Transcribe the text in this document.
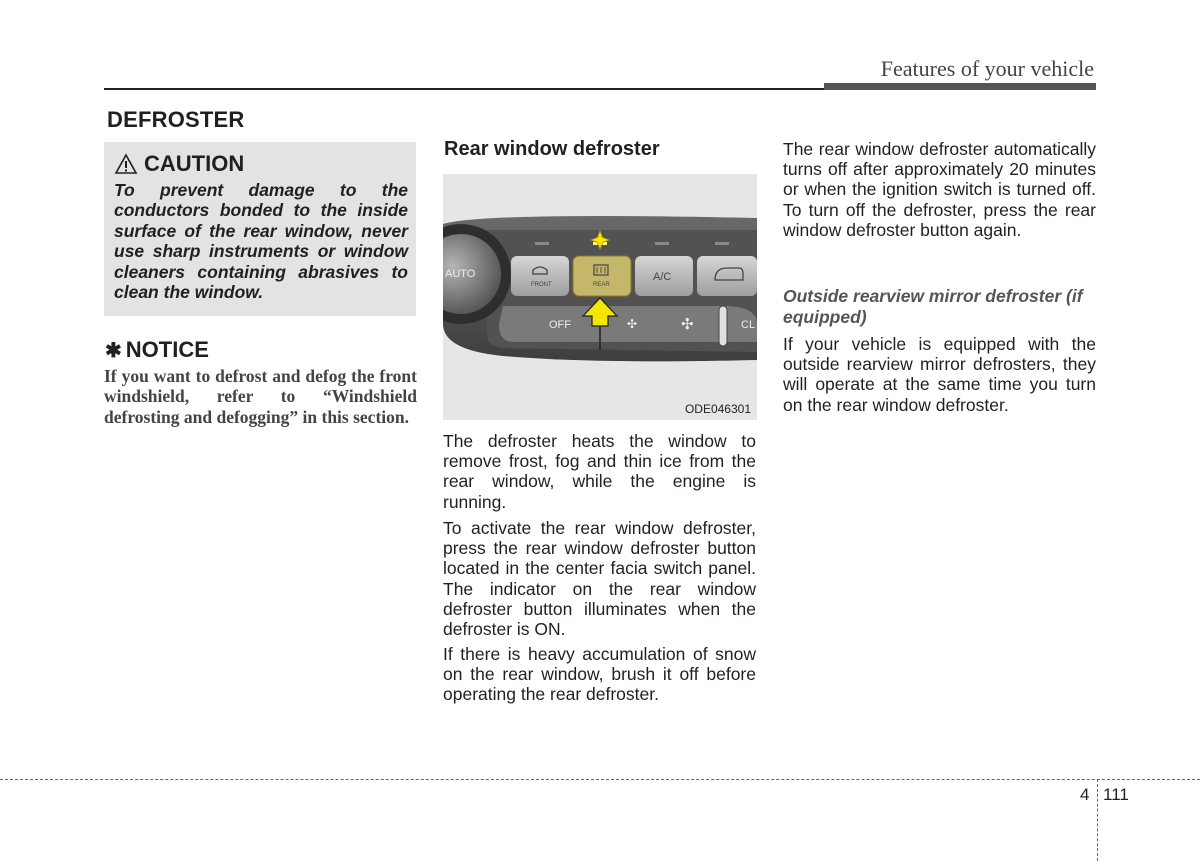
Features of your vehicle
DEFROSTER
CAUTION
To prevent damage to the conductors bonded to the inside surface of the rear window, never use sharp instruments or window cleaners containing abrasives to clean the window.
✱ NOTICE
If you want to defrost and defog the front windshield, refer to “Windshield defrosting and defogging” in this section.
Rear window defroster
AUTO
FRONT	REAR
A/C
OFF	✣	✣	CL
ODE046301
The defroster heats the window to remove frost, fog and thin ice from the rear window, while the engine is running.
To activate the rear window defroster, press the rear window defroster button located in the center facia switch panel. The indicator on the rear window defroster button illuminates when the defroster is ON.
If there is heavy accumulation of snow on the rear window, brush it off before operating the rear defroster.
The rear window defroster automatically turns off after approximately 20 minutes or when the ignition switch is turned off. To turn off the defroster, press the rear window defroster button again.
Outside rearview mirror defroster (if equipped)
If your vehicle is equipped with the outside rearview mirror defrosters, they will operate at the same time you turn on the rear window defroster.
4 111
